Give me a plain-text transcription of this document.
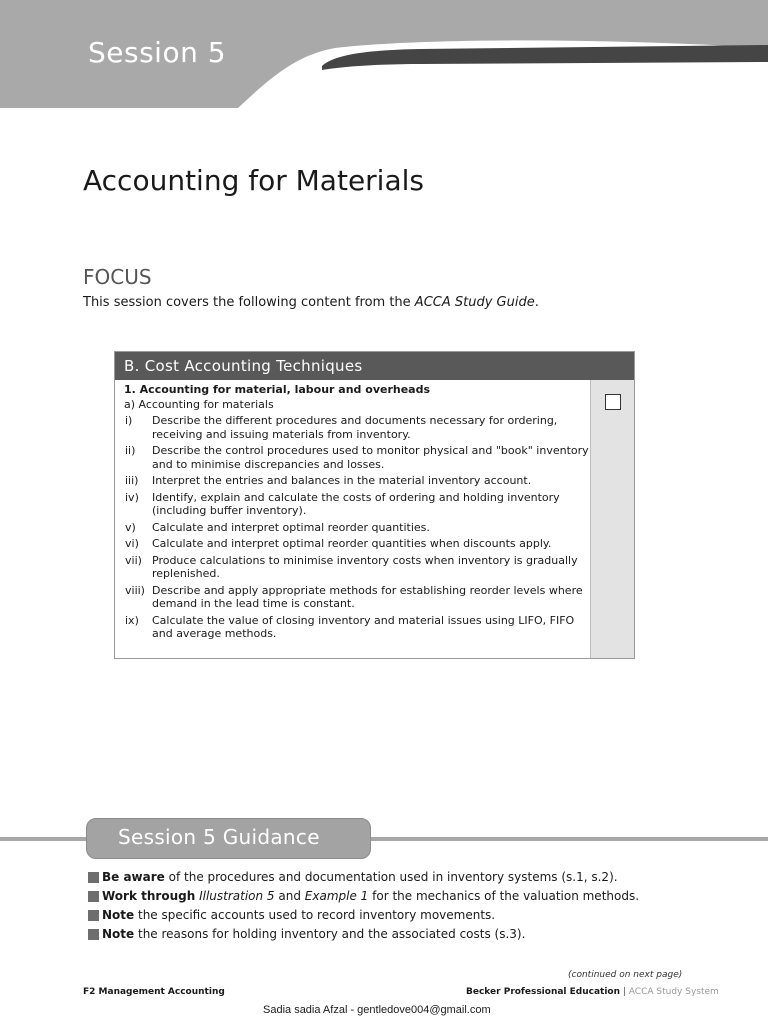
Session 5
Accounting for Materials
FOCUS

This session covers the following content from the ACCA Study Guide.

B. Cost Accounting Techniques
1. Accounting for material, labour and overheads
a) Accounting for materials
i)	Describe the different procedures and documents necessary for ordering, receiving and issuing materials from inventory.
ii)	Describe the control procedures used to monitor physical and "book" inventory and to minimise discrepancies and losses.
iii)	Interpret the entries and balances in the material inventory account.
iv)	Identify, explain and calculate the costs of ordering and holding inventory (including buffer inventory).
v)	Calculate and interpret optimal reorder quantities.
vi)	Calculate and interpret optimal reorder quantities when discounts apply.
vii) Produce calculations to minimise inventory costs when inventory is gradually replenished.
viii) Describe and apply appropriate methods for establishing reorder levels where demand in the lead time is constant.
ix)	Calculate the value of closing inventory and material issues using LIFO, FIFO and average methods.
Session 5 Guidance
Be aware of the procedures and documentation used in inventory systems (s.1, s.2).
Work through Illustration 5 and Example 1 for the mechanics of the valuation methods.
Note the specific accounts used to record inventory movements.
Note the reasons for holding inventory and the associated costs (s.3).
(continued on next page)
F2 Management Accounting	Becker Professional Education | ACCA Study System
Sadia sadia Afzal - gentledove004@gmail.com
